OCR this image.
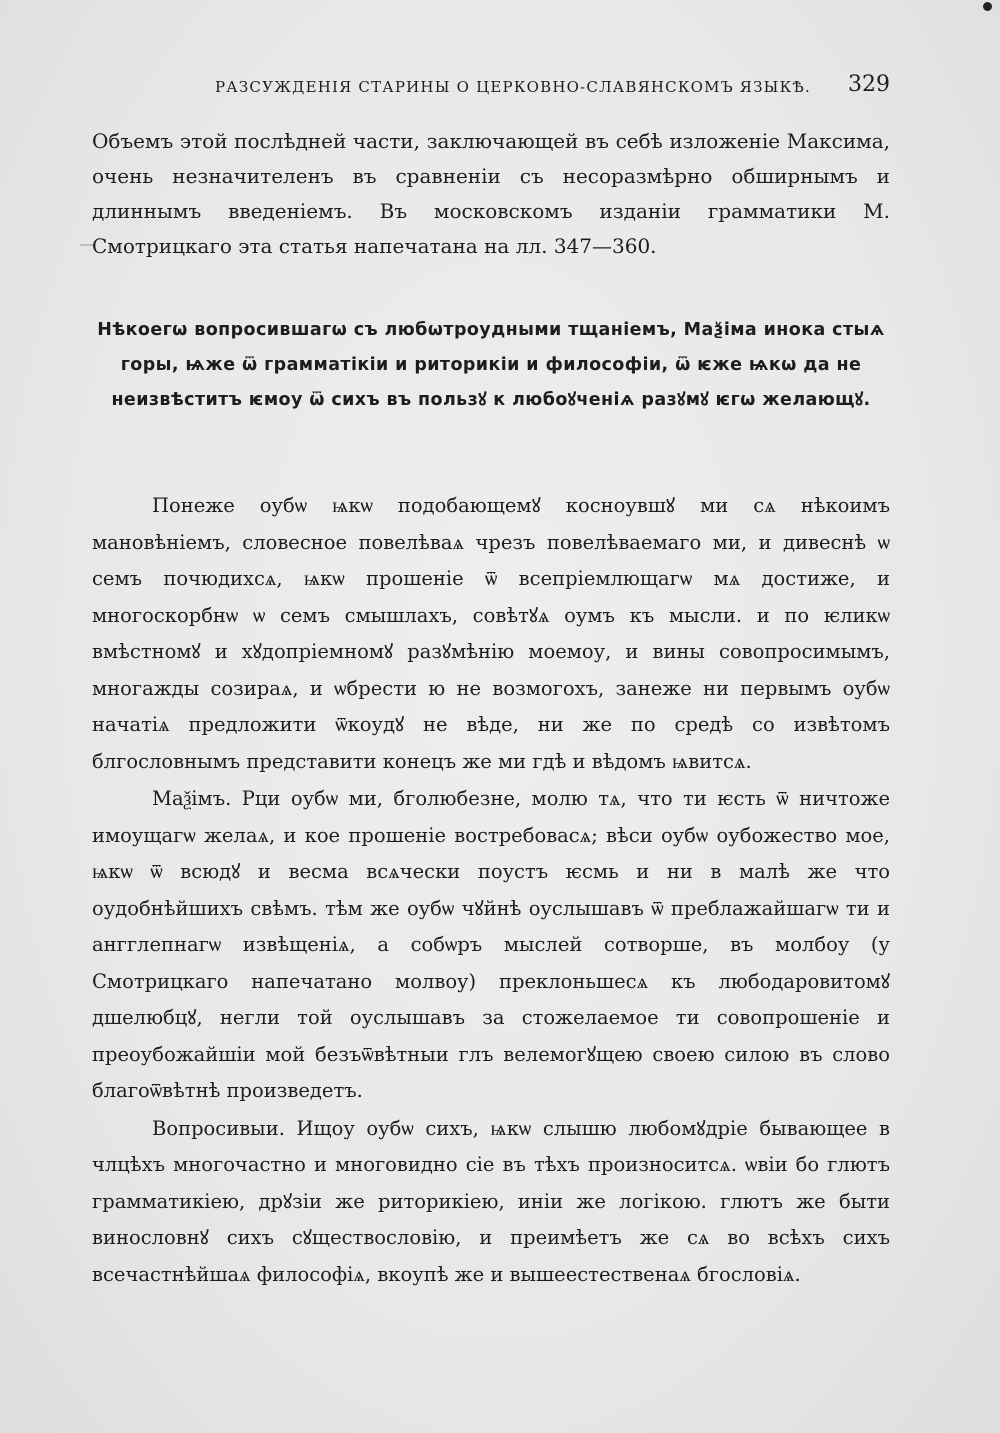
РАЗСУЖДЕНІЯ СТАРИНЫ О ЦЕРКОВНО-СЛАВЯНСКОМЪ ЯЗЫКѢ. 329

Объемъ этой послѣдней части, заключающей въ себѣ изложеніе Максима, очень незначителенъ въ сравненіи съ несоразмѣрно обширнымъ и длиннымъ введеніемъ. Въ московскомъ изданіи грамматики М. Смотрицкаго эта статья напечатана на лл. 347—360.

Нѣкоегѡ вопросившагѡ съ любѡтроудными тщаніемъ, Маѯіма инока стыѧ горы, ѩже ѿ грамматікіи и риторикіи и философіи, ѿ ѥже ѩкѡ да не неизвѣститъ ѥмоу ѿ сихъ въ пользꙋ к любоꙋченіѧ разꙋмꙋ ѥгѡ желающꙋ.

Понеже оубѡ ѩкѡ подобающемꙋ косноувшꙋ ми сѧ нѣкоимъ мановѣніемъ, словесное повелѣваѧ чрезъ повелѣваемаго ми, и дивеснѣ ѡ семъ почюдихсѧ, ѩкѡ прошеніе ѿ всепріемлющагѡ мѧ достиже, и многоскорбнѡ ѡ семъ смышлахъ, совѣтꙋѧ оумъ къ мысли. и по ѥликѡ вмѣстномꙋ и хꙋдопріемномꙋ разꙋмѣнію моемоу, и вины совопросимымъ, многажды созираѧ, и ѡбрести ю не возмогохъ, занеже ни первымъ оубѡ начатіѧ предложити ѿкоудꙋ не вѣде, ни же по средѣ со извѣтомъ блгословнымъ представити конецъ же ми гдѣ и вѣдомъ ѩвитсѧ.

Маѯімъ. Рци оубѡ ми, бголюбезне, молю тѧ, что ти ѥсть ѿ ничтоже имоущагѡ желаѧ, и кое прошеніе востребовасѧ; вѣси оубѡ оубожество мое, ѩкѡ ѿ всюдꙋ и весма всѧчески поустъ ѥсмь и ни в малѣ же что оудобнѣйшихъ свѣмъ. тѣм же оубѡ чꙋйнѣ оуслышавъ ѿ преблажайшагѡ ти и ангглепнагѡ извѣщеніѧ, а собѡръ мыслей сотворше, въ молбоу (у Смотрицкаго напечатано молвоу) преклоньшесѧ къ любодаровитомꙋ дшелюбцꙋ, негли той оуслышавъ за стожелаемое ти совопрошеніе и преоубожайшіи мой безъѿвѣтныи глъ велемогꙋщею своею силою въ слово благоѿвѣтнѣ произведетъ.

Вопросивыи. Ищоу оубѡ сихъ, ѩкѡ слышю любомꙋдріе бывающее в члцѣхъ многочастно и многовидно сіе въ тѣхъ произноситсѧ. ѡвіи бо глютъ грамматикіею, дрꙋзіи же риторикіею, иніи же логікою. глютъ же быти винословнꙋ сихъ сꙋществословію, и преимѣетъ же сѧ во всѣхъ сихъ всечастнѣйшаѧ философіѧ, вкоупѣ же и вышеестественаѧ бгословіѧ.
